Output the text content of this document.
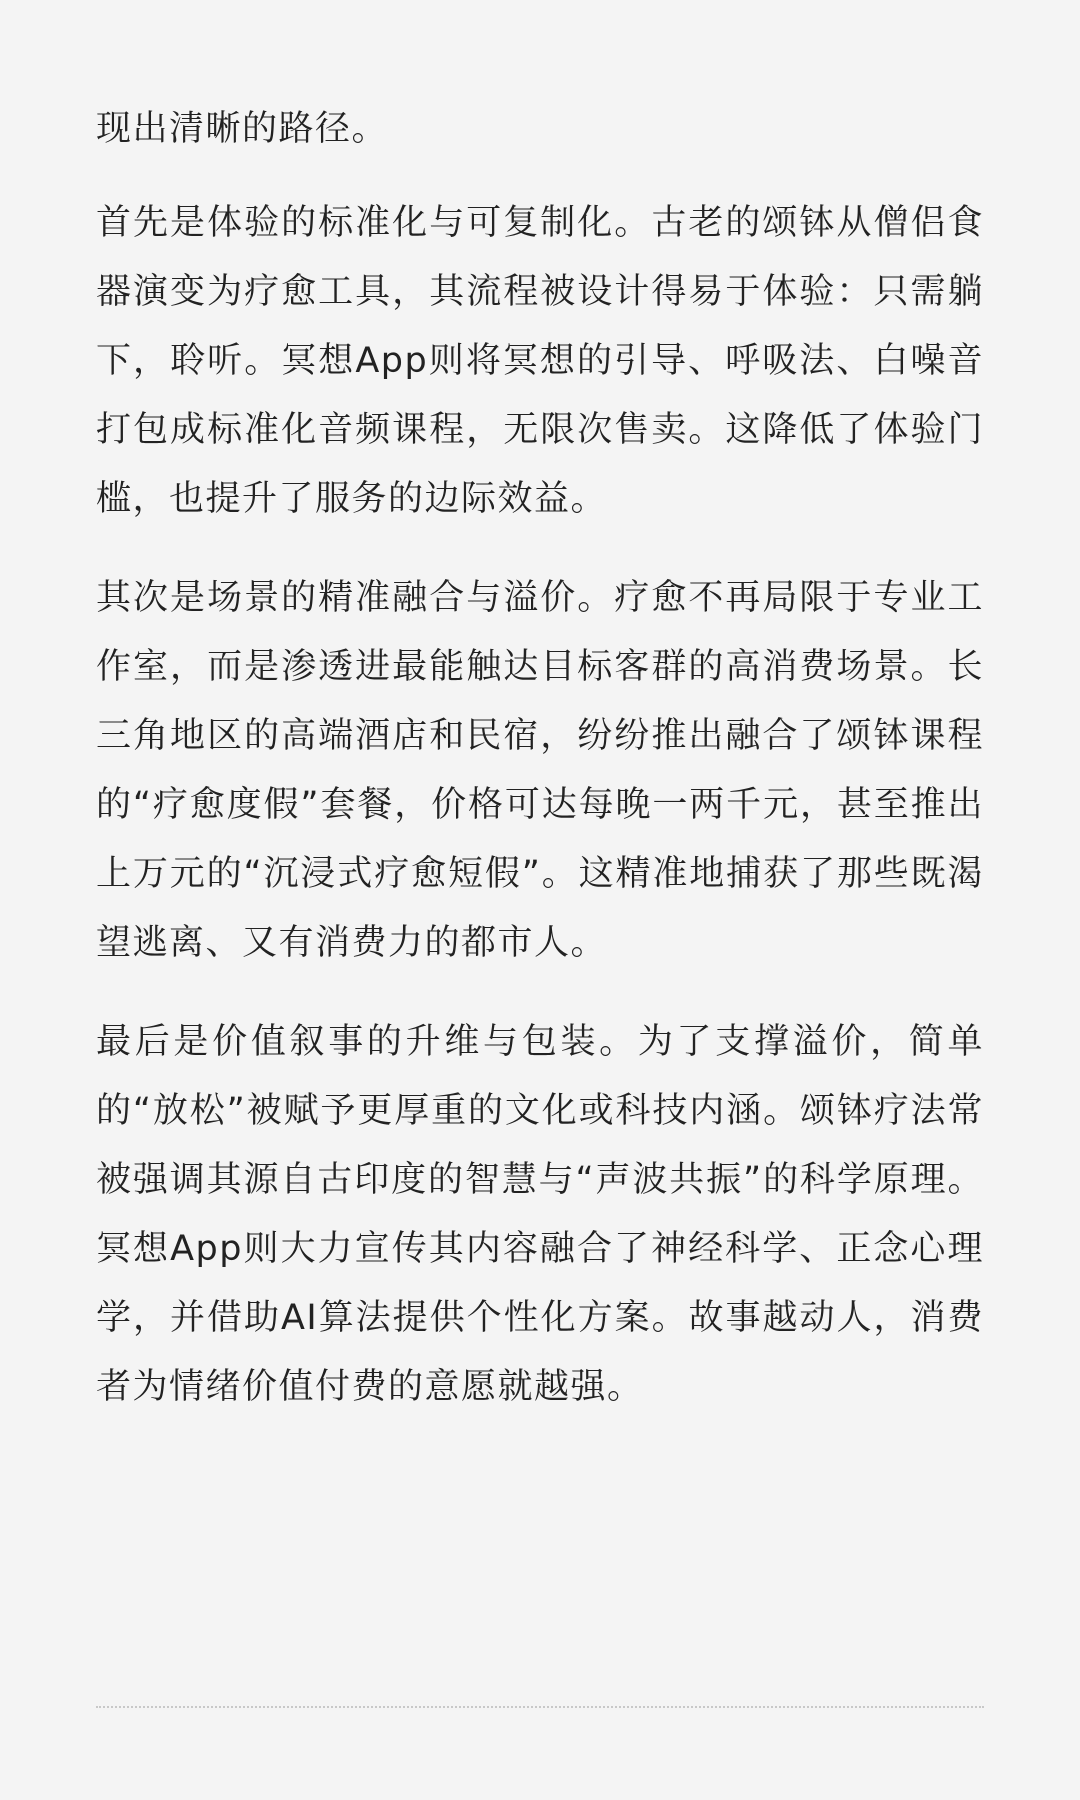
现出清晰的路径。

首先是体验的标准化与可复制化。古老的颂钵从僧侣食器演变为疗愈工具，其流程被设计得易于体验：只需躺下，聆听。冥想App则将冥想的引导、呼吸法、白噪音打包成标准化音频课程，无限次售卖。这降低了体验门槛，也提升了服务的边际效益。

其次是场景的精准融合与溢价。疗愈不再局限于专业工作室，而是渗透进最能触达目标客群的高消费场景。长三角地区的高端酒店和民宿，纷纷推出融合了颂钵课程的“疗愈度假”套餐，价格可达每晚一两千元，甚至推出上万元的“沉浸式疗愈短假”。这精准地捕获了那些既渴望逃离、又有消费力的都市人。

最后是价值叙事的升维与包装。为了支撑溢价，简单的“放松”被赋予更厚重的文化或科技内涵。颂钵疗法常被强调其源自古印度的智慧与“声波共振”的科学原理。冥想App则大力宣传其内容融合了神经科学、正念心理学，并借助AI算法提供个性化方案。故事越动人，消费者为情绪价值付费的意愿就越强。
